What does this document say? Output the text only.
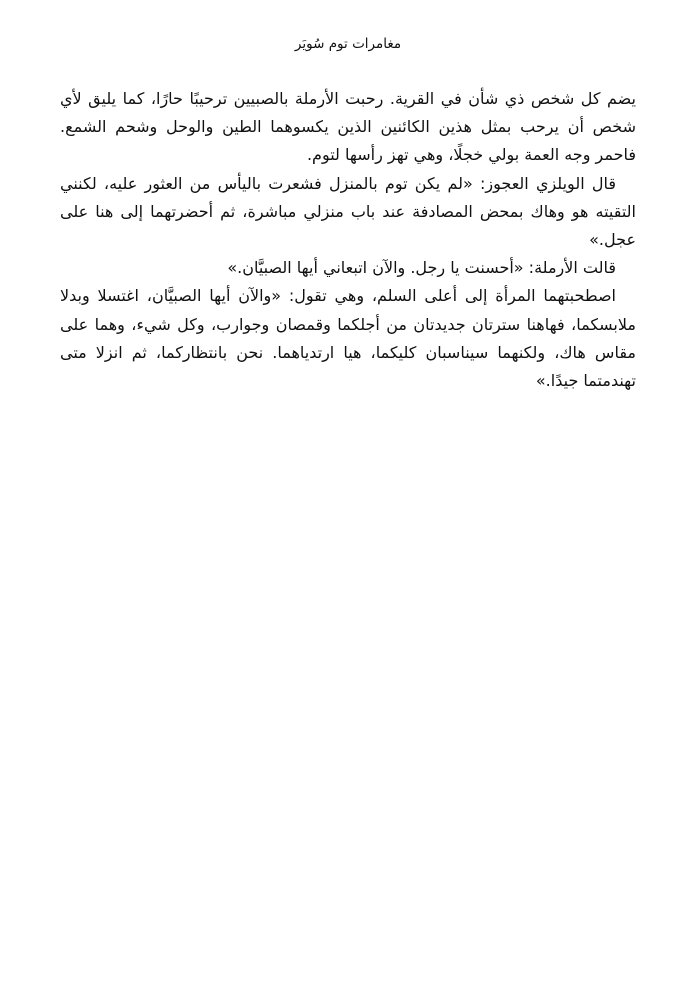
مغامرات توم سُويَر

يضم كل شخص ذي شأن في القرية. رحبت الأرملة بالصبيين ترحيبًا حارًا، كما يليق لأي شخص أن يرحب بمثل هذين الكائنين الذين يكسوهما الطين والوحل وشحم الشمع. فاحمر وجه العمة بولي خجلًا، وهي تهز رأسها لتوم.

قال الويلزي العجوز: «لم يكن توم بالمنزل فشعرت باليأس من العثور عليه، لكنني التقيته هو وهاك بمحض المصادفة عند باب منزلي مباشرة، ثم أحضرتهما إلى هنا على عجل.»

قالت الأرملة: «أحسنت يا رجل. والآن اتبعاني أيها الصبيَّان.»

اصطحبتهما المرأة إلى أعلى السلم، وهي تقول: «والآن أيها الصبيَّان، اغتسلا وبدلا ملابسكما، فهاهنا سترتان جديدتان من أجلكما وقمصان وجوارب، وكل شيء، وهما على مقاس هاك، ولكنهما سيناسبان كليكما، هيا ارتدياهما. نحن بانتظاركما، ثم انزلا متى تهندمتما جيدًا.»
